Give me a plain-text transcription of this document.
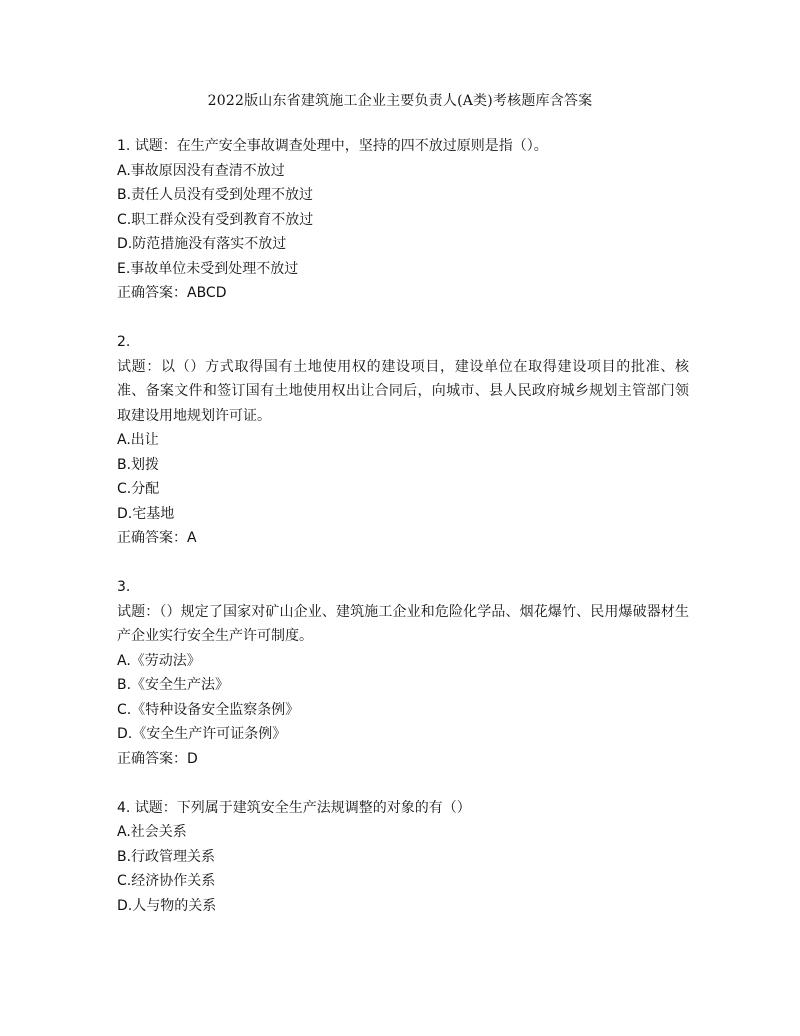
2022版山东省建筑施工企业主要负责人(A类)考核题库含答案
1. 试题：在生产安全事故调查处理中，坚持的四不放过原则是指（）。
A.事故原因没有查清不放过
B.责任人员没有受到处理不放过
C.职工群众没有受到教育不放过
D.防范措施没有落实不放过
E.事故单位未受到处理不放过
正确答案：ABCD
2.
试题：以（）方式取得国有土地使用权的建设项目，建设单位在取得建设项目的批准、核准、备案文件和签订国有土地使用权出让合同后，向城市、县人民政府城乡规划主管部门领取建设用地规划许可证。
A.出让
B.划拨
C.分配
D.宅基地
正确答案：A
3.
试题：（）规定了国家对矿山企业、建筑施工企业和危险化学品、烟花爆竹、民用爆破器材生产企业实行安全生产许可制度。
A.《劳动法》
B.《安全生产法》
C.《特种设备安全监察条例》
D.《安全生产许可证条例》
正确答案：D
4. 试题：下列属于建筑安全生产法规调整的对象的有（）
A.社会关系
B.行政管理关系
C.经济协作关系
D.人与物的关系
